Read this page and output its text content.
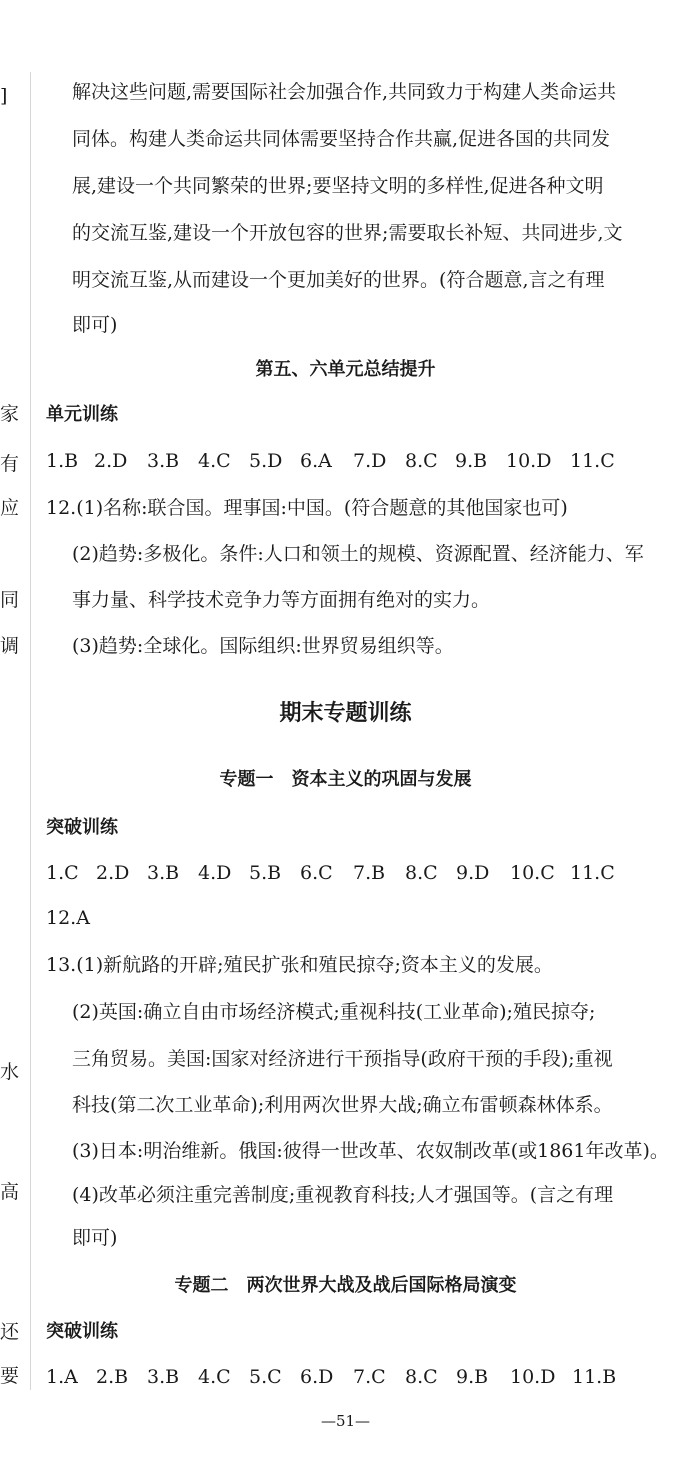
]
家
有
应
同
调
水
高
还
要
解决这些问题,需要国际社会加强合作,共同致力于构建人类命运共
同体。构建人类命运共同体需要坚持合作共赢,促进各国的共同发
展,建设一个共同繁荣的世界;要坚持文明的多样性,促进各种文明
的交流互鉴,建设一个开放包容的世界;需要取长补短、共同进步,文
明交流互鉴,从而建设一个更加美好的世界。(符合题意,言之有理
即可)
第五、六单元总结提升
单元训练
1.B 2.D 3.B 4.C 5.D 6.A 7.D 8.C 9.B 10.D 11.C
12.(1)名称:联合国。理事国:中国。(符合题意的其他国家也可)
(2)趋势:多极化。条件:人口和领土的规模、资源配置、经济能力、军
事力量、科学技术竞争力等方面拥有绝对的实力。
(3)趋势:全球化。国际组织:世界贸易组织等。
期末专题训练
专题一　资本主义的巩固与发展
突破训练
1.C 2.D 3.B 4.D 5.B 6.C 7.B 8.C 9.D 10.C 11.C
12.A
13.(1)新航路的开辟;殖民扩张和殖民掠夺;资本主义的发展。
(2)英国:确立自由市场经济模式;重视科技(工业革命);殖民掠夺;
三角贸易。美国:国家对经济进行干预指导(政府干预的手段);重视
科技(第二次工业革命);利用两次世界大战;确立布雷顿森林体系。
(3)日本:明治维新。俄国:彼得一世改革、农奴制改革(或1861年改革)。
(4)改革必须注重完善制度;重视教育科技;人才强国等。(言之有理
即可)
专题二　两次世界大战及战后国际格局演变
突破训练
1.A 2.B 3.B 4.C 5.C 6.D 7.C 8.C 9.B 10.D 11.B
—51—
